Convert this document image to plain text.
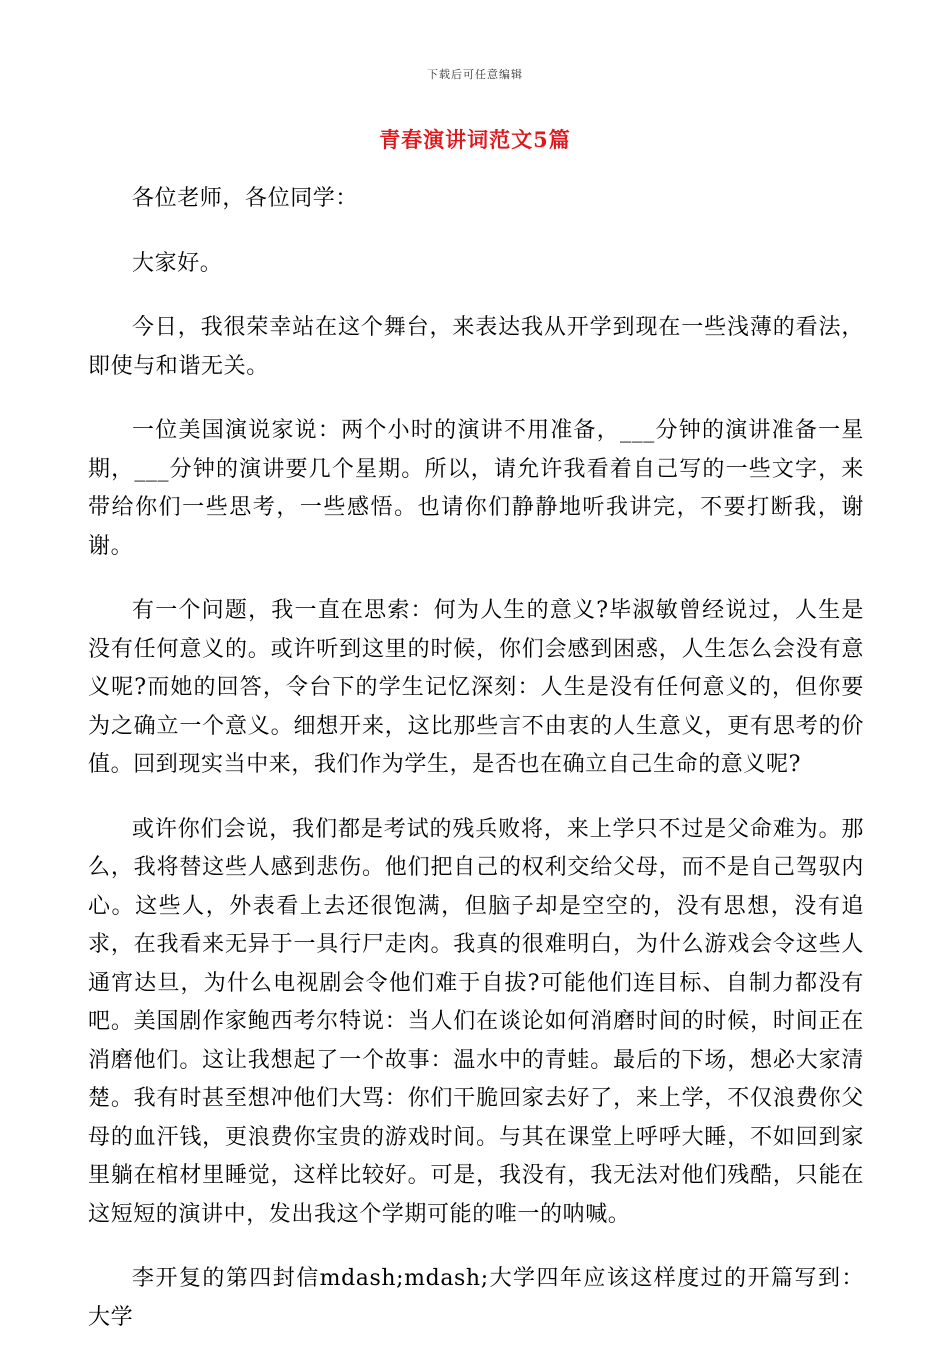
下载后可任意编辑
青春演讲词范文5篇

各位老师，各位同学：

大家好。

今日，我很荣幸站在这个舞台，来表达我从开学到现在一些浅薄的看法，即使与和谐无关。

一位美国演说家说：两个小时的演讲不用准备，___分钟的演讲准备一星期，___分钟的演讲要几个星期。所以，请允许我看着自己写的一些文字，来带给你们一些思考，一些感悟。也请你们静静地听我讲完，不要打断我，谢谢。

有一个问题，我一直在思索：何为人生的意义?毕淑敏曾经说过，人生是没有任何意义的。或许听到这里的时候，你们会感到困惑，人生怎么会没有意义呢?而她的回答，令台下的学生记忆深刻：人生是没有任何意义的，但你要为之确立一个意义。细想开来，这比那些言不由衷的人生意义，更有思考的价值。回到现实当中来，我们作为学生，是否也在确立自己生命的意义呢?

或许你们会说，我们都是考试的残兵败将，来上学只不过是父命难为。那么，我将替这些人感到悲伤。他们把自己的权利交给父母，而不是自己驾驭内心。这些人，外表看上去还很饱满，但脑子却是空空的，没有思想，没有追求，在我看来无异于一具行尸走肉。我真的很难明白，为什么游戏会令这些人通宵达旦，为什么电视剧会令他们难于自拔?可能他们连目标、自制力都没有吧。美国剧作家鲍西考尔特说：当人们在谈论如何消磨时间的时候，时间正在消磨他们。这让我想起了一个故事：温水中的青蛙。最后的下场，想必大家清楚。我有时甚至想冲他们大骂：你们干脆回家去好了，来上学，不仅浪费你父母的血汗钱，更浪费你宝贵的游戏时间。与其在课堂上呼呼大睡，不如回到家里躺在棺材里睡觉，这样比较好。可是，我没有，我无法对他们残酷，只能在这短短的演讲中，发出我这个学期可能的唯一的呐喊。

李开复的第四封信mdash;mdash;大学四年应该这样度过的开篇写到：大学
